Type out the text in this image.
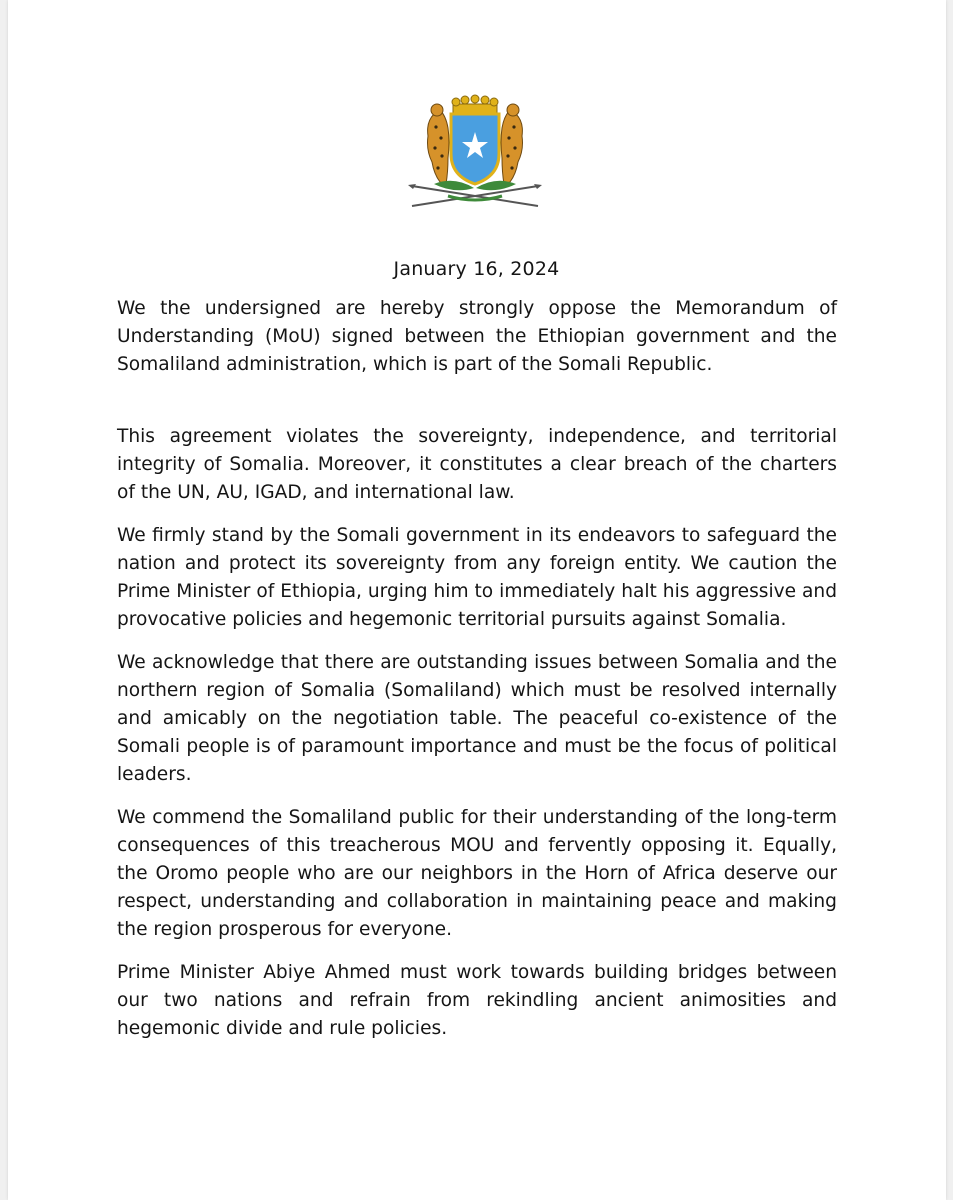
January 16, 2024

We the undersigned are hereby strongly oppose the Memorandum of Understanding (MoU) signed between the Ethiopian government and the Somaliland administration, which is part of the Somali Republic.

This agreement violates the sovereignty, independence, and territorial integrity of Somalia. Moreover, it constitutes a clear breach of the charters of the UN, AU, IGAD, and international law.

We firmly stand by the Somali government in its endeavors to safeguard the nation and protect its sovereignty from any foreign entity. We caution the Prime Minister of Ethiopia, urging him to immediately halt his aggressive and provocative policies and hegemonic territorial pursuits against Somalia.

We acknowledge that there are outstanding issues between Somalia and the northern region of Somalia (Somaliland) which must be resolved internally and amicably on the negotiation table. The peaceful co-existence of the Somali people is of paramount importance and must be the focus of political leaders.

We commend the Somaliland public for their understanding of the long-term consequences of this treacherous MOU and fervently opposing it. Equally, the Oromo people who are our neighbors in the Horn of Africa deserve our respect, understanding and collaboration in maintaining peace and making the region prosperous for everyone.

Prime Minister Abiye Ahmed must work towards building bridges between our two nations and refrain from rekindling ancient animosities and hegemonic divide and rule policies.
